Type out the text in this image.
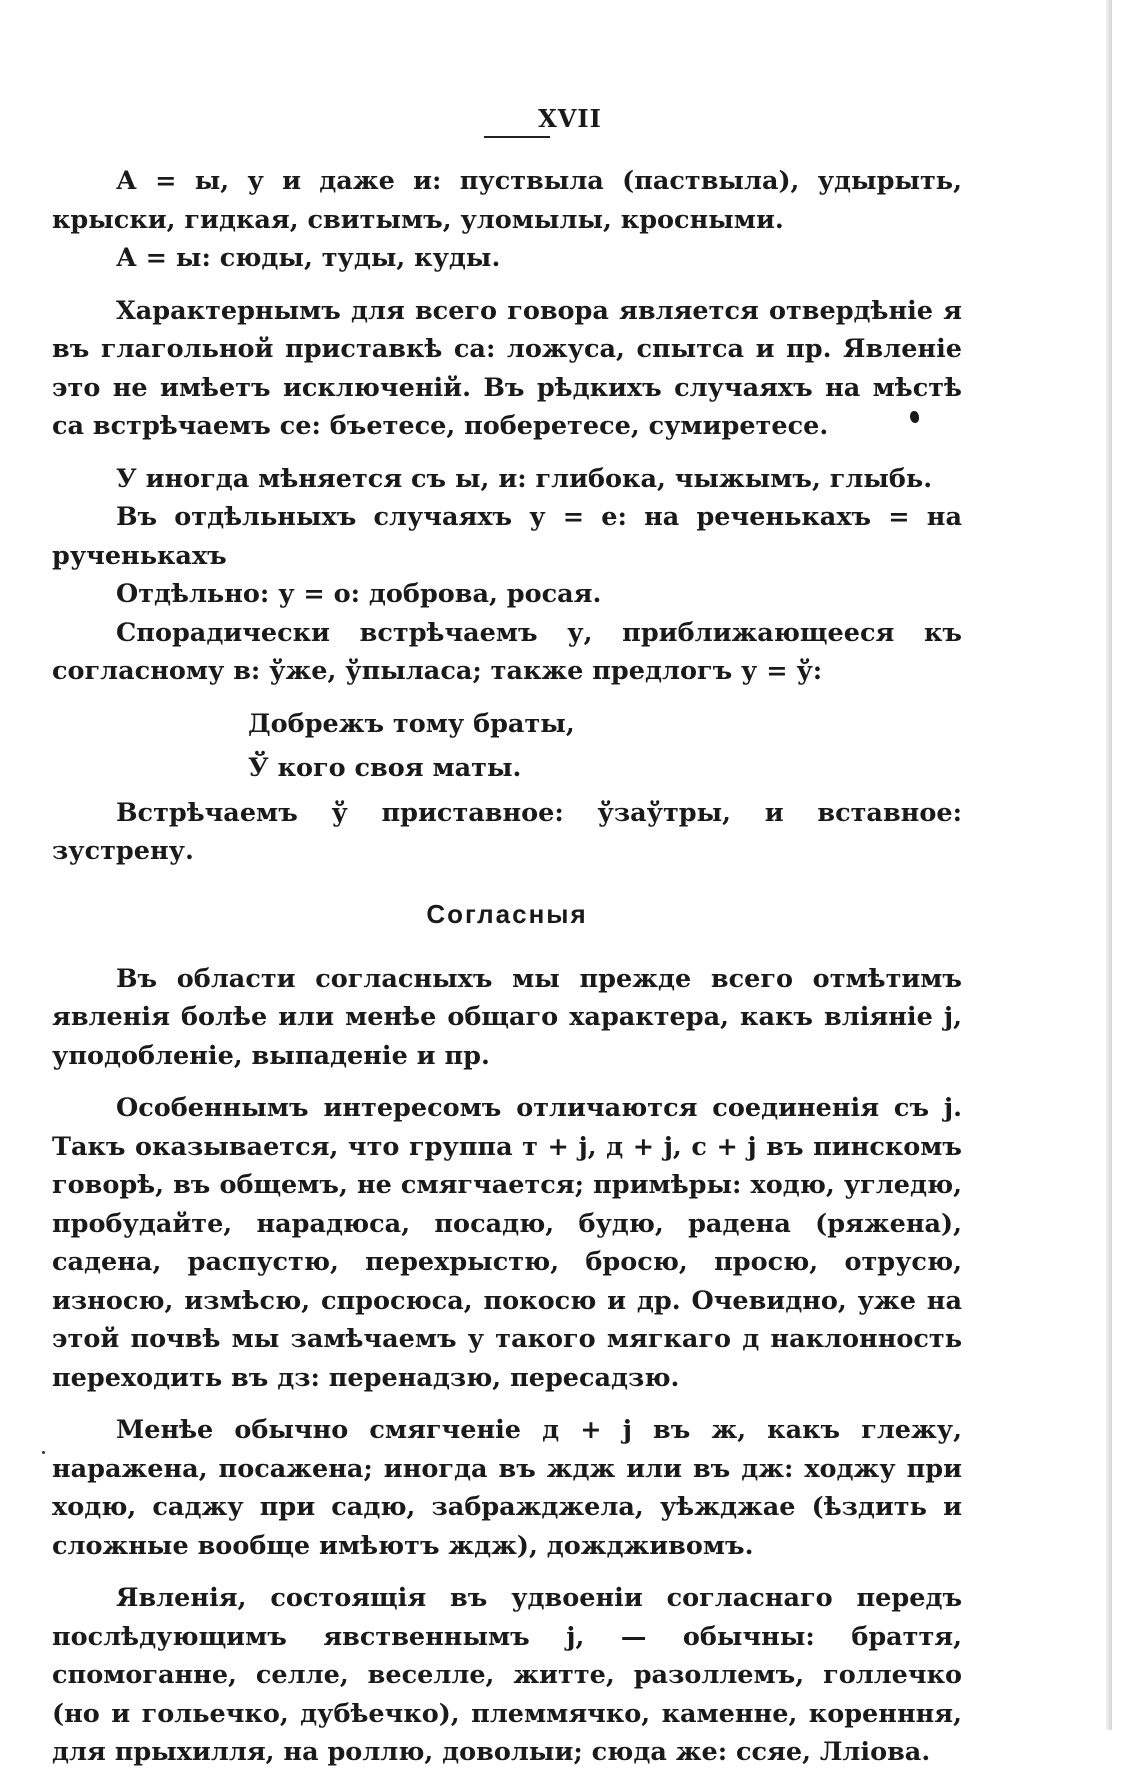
XVII

А = ы, у и даже и: пуствыла (паствыла), удырыть, крыски, гидкая, свитымъ, уломылы, кросными.

А = ы: сюды, туды, куды.

Характернымъ для всего говора является отвердѣніе я въ глагольной приставкѣ са: ложуса, спытса и пр. Явленіе это не имѣетъ исключеній. Въ рѣдкихъ случаяхъ на мѣстѣ са встрѣчаемъ се: бъетесе, поберетесе, сумиретесе.

У иногда мѣняется съ ы, и: глибока, чыжымъ, глыбь.

Въ отдѣльныхъ случаяхъ у = е: на реченькахъ = на рученькахъ

Отдѣльно: у = о: доброва, росая.

Спорадически встрѣчаемъ у, приближающееся къ согласному в: ўже, ўпыласа; также предлогъ у = ў:

Добрежъ тому браты,

Ў кого своя маты.

Встрѣчаемъ ў приставное: ўзаўтры, и вставное: зустрену.

Согласныя

Въ области согласныхъ мы прежде всего отмѣтимъ явленія болѣе или менѣе общаго характера, какъ вліяніе j, уподобленіе, выпаденіе и пр.

Особеннымъ интересомъ отличаются соединенія съ j. Такъ оказывается, что группа т + j, д + j, с + j въ пинскомъ говорѣ, въ общемъ, не смягчается; примѣры: ходю, угледю, пробудайте, нарадюса, посадю, будю, радена (ряжена), садена, распустю, перехрыстю, бросю, просю, отрусю, износю, измѣсю, спросюса, покосю и др. Очевидно, уже на этой почвѣ мы замѣчаемъ у такого мягкаго д наклонность переходить въ дз: перенадзю, пересадзю.

Менѣе обычно смягченіе д + j въ ж, какъ глежу, наражена, посажена; иногда въ ждж или въ дж: ходжу при ходю, саджу при садю, забражджела, уѣжджае (ѣздить и сложные вообще имѣютъ ждж), дождживомъ.

Явленія, состоящія въ удвоеніи согласнаго передъ послѣдующимъ явственнымъ j, — обычны: браття, спомоганне, селле, веселле, житте, разоллемъ, голлечко (но и гольечко, дубѣечко), племмячко, каменне, коренння, для прыхилля, на роллю, доволыи; сюда же: ссяе, Ллiова.
